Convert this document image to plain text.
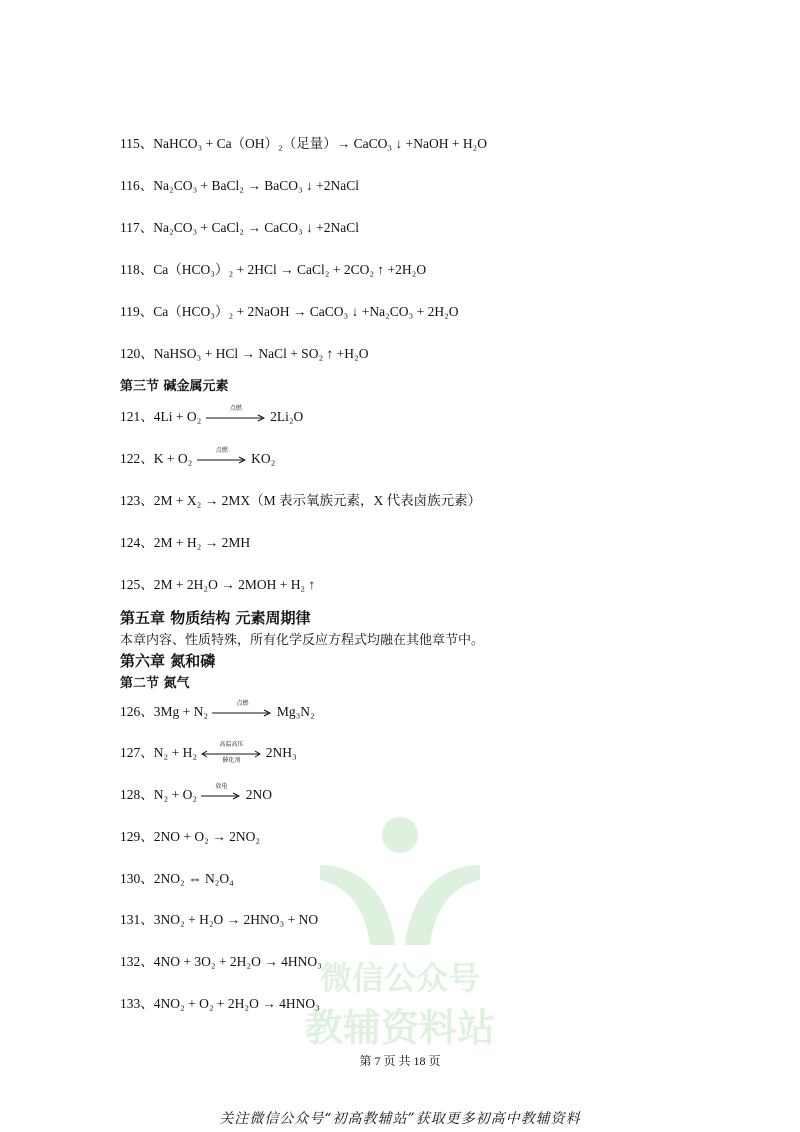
微信公众号
教辅资料站
115、NaHCO₃ + Ca（OH）₂（足量）→ CaCO₃ ↓ +NaOH + H₂O
116、Na₂CO₃ + BaCl₂ → BaCO₃ ↓ +2NaCl
117、Na₂CO₃ + CaCl₂ → CaCO₃ ↓ +2NaCl
118、Ca（HCO₃）₂ + 2HCl → CaCl₂ + 2CO₂ ↑ +2H₂O
119、Ca（HCO₃）₂ + 2NaOH → CaCO₃ ↓ +Na₂CO₃ + 2H₂O
120、NaHSO₃ + HCl → NaCl + SO₂ ↑ +H₂O
第三节 碱金属元素
121、4Li + O₂
点燃
2Li₂O
122、K + O₂
点燃
KO₂
123、2M + X₂ → 2MX（M 表示氧族元素，X 代表卤族元素）
124、2M + H₂ → 2MH
125、2M + 2H₂O → 2MOH + H₂ ↑
第五章 物质结构 元素周期律
本章内容、性质特殊，所有化学反应方程式均融在其他章节中。
第六章 氮和磷
第二节 氮气
126、3Mg + N₂
点燃
Mg₃N₂
127、N₂ + H₂
高温高压
催化剂
2NH₃
128、N₂ + O₂
放电
2NO
129、2NO + O₂ → 2NO₂
130、2NO₂ ⇔ N₂O₄
131、3NO₂ + H₂O → 2HNO₃ + NO
132、4NO + 3O₂ + 2H₂O → 4HNO₃
133、4NO₂ + O₂ + 2H₂O → 4HNO₃
第 7 页 共 18 页
关注微信公众号“初高教辅站”获取更多初高中教辅资料
